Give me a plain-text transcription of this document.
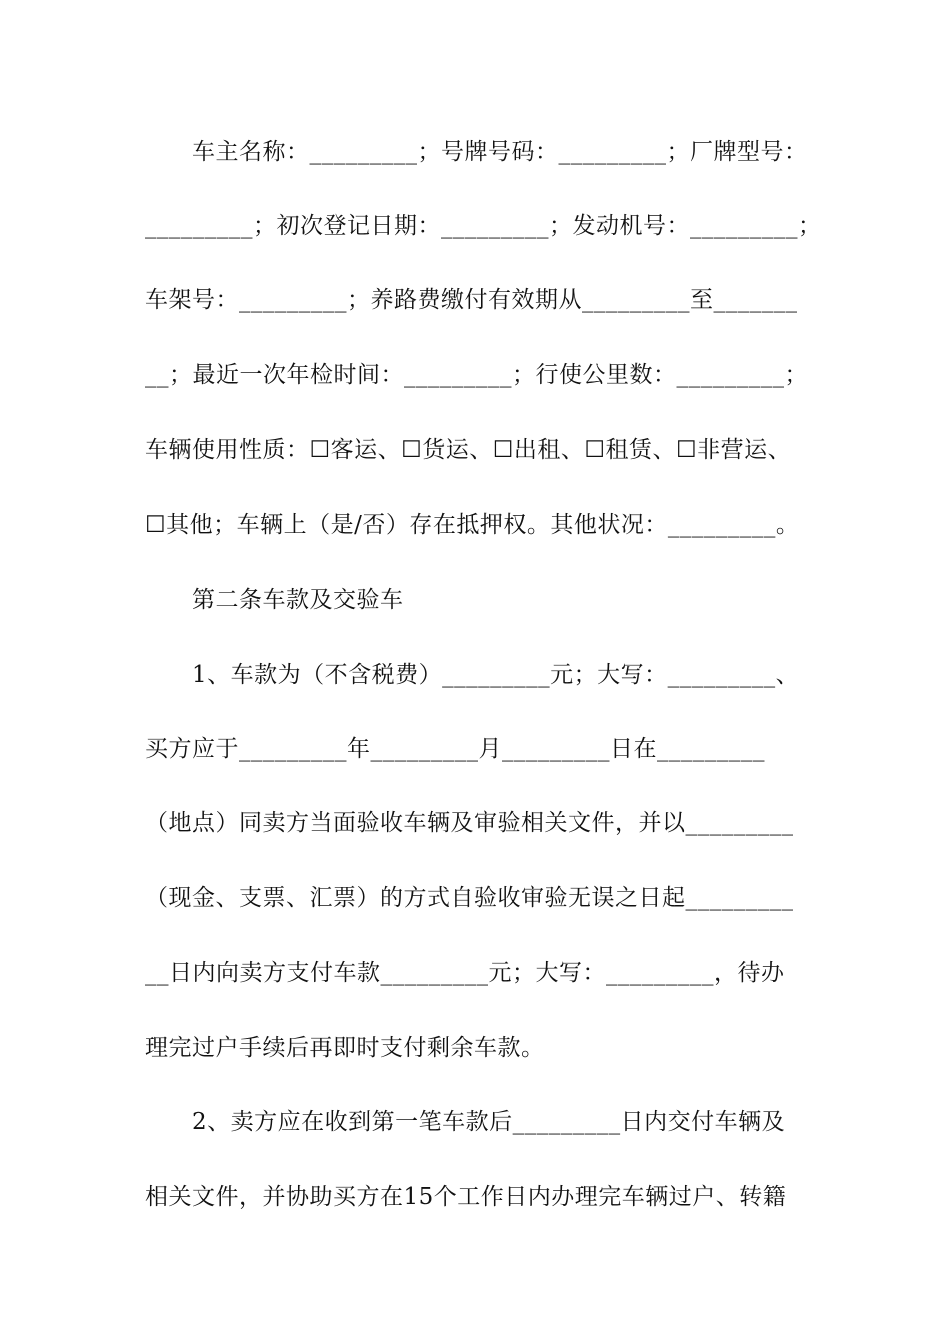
车主名称：_________；号牌号码：_________；厂牌型号：
_________；初次登记日期：_________；发动机号：_________；
车架号：_________；养路费缴付有效期从_________至_______
__；最近一次年检时间：_________；行使公里数：_________；
车辆使用性质：☐客运、☐货运、☐出租、☐租赁、☐非营运、
☐其他；车辆上（是/否）存在抵押权。其他状况：_________。
第二条车款及交验车
1、车款为（不含税费）_________元；大写：_________、
买方应于_________年_________月_________日在_________
（地点）同卖方当面验收车辆及审验相关文件，并以_________
（现金、支票、汇票）的方式自验收审验无误之日起_________
__日内向卖方支付车款_________元；大写：_________，待办
理完过户手续后再即时支付剩余车款。
2、卖方应在收到第一笔车款后_________日内交付车辆及
相关文件，并协助买方在15个工作日内办理完车辆过户、转籍
